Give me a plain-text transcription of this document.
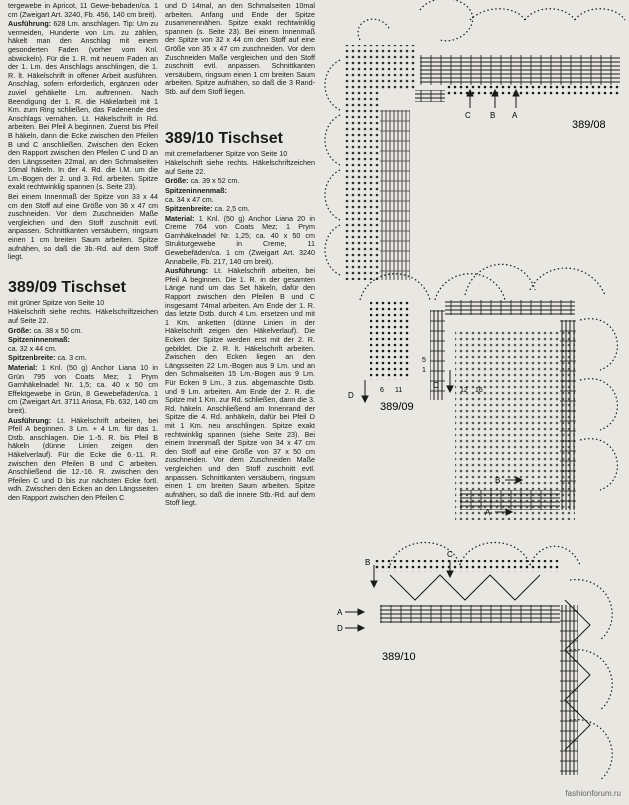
tergewebe in Apricot, 11 Gewe-bebaden/ca. 1 cm (Zweigart Art. 3240, Fb. 456, 140 cm breit).

Ausführung: 628 Lm. anschlagen. Tip: Um zu vermeiden, Hunderte von Lm. zu zählen, häkelt man den Anschlag mit einem gesonderten Faden (vorher vom Knl. abwickeln). Für die 1. R. mit neuem Faden an der 1. Lm. des Anschlags anschlingen, die 1. R. lt. Häkelschrift in offener Arbeit ausführen. Anschlag, sofern erforderlich, ergänzen oder zuviel gehäkelte Lm. auftrennen. Nach Beendigung der 1. R. die Häkelarbeit mit 1 Km. zum Ring schließen, das Fadenende des Anschlags vernähen. Lt. Häkelschrift in Rd. arbeiten. Bei Pfeil A beginnen. Zuerst bis Pfeil B häkeln, dann die Ecke zwischen den Pfeilen B und C anschließen. Zwischen den Ecken den Rapport zwischen den Pfeilen C und D an den Längsseiten 22mal, an den Schmalseiten 16mal häkeln. In der 4. Rd. die I.M. um die Lm.-Bogen der 2. und 3. Rd. arbeiten. Spitze exakt rechtwinklig spannen (s. Seite 23).

Bei einem Innenmaß der Spitze von 33 x 44 cm den Stoff auf eine Größe von 36 x 47 cm zuschneiden. Vor dem Zuschneiden Maße vergleichen und den Stoff zuschnitt evtl. anpassen. Schnittkanten versäubern, ringsum einen 1 cm breiten Saum arbeiten. Spitze aufnähen, so daß die 3b.-Rd. auf dem Stoff liegt.

389/09 Tischset

mit grüner Spitze von Seite 10

Häkelschrift siehe rechts. Häkelschriftzeichen auf Seite 22.

Größe: ca. 38 x 50 cm.

Spitzeninnenmaß:
ca. 32 x 44 cm.

Spitzenbreite: ca. 3 cm.

Material: 1 Knl. (50 g) Anchor Liana 10 in Grün 795 von Coats Mez; 1 Prym Garnhäkelnadel Nr. 1,5; ca. 40 x 50 cm Effektgewebe in Grün, 8 Gewebefäden/ca. 1 cm (Zweigart Art. 3711 Ariosa, Fb. 632, 140 cm breit).

Ausführung: Lt. Häkelschrift arbeiten, bei Pfeil A beginnen. 3 Lm. + 4 Lm. für das 1. Dstb. anschlagen. Die 1.-5. R. bis Pfeil B häkeln (dünne Linien zeigen den Häkelverlauf). Für die Ecke die 6.-11. R. zwischen den Pfeilen B und C arbeiten. Anschließend die 12.-16. R. zwischen den Pfeilen C und D bis zur nächsten Ecke fortl. wdh. Zwischen den Ecken an den Längsseiten den Rapport zwischen den Pfeilen C

und D 14mal, an den Schmalseiten 10mal arbeiten. Anfang und Ende der Spitze zusammennähen. Spitze exakt rechtwinklig spannen (s. Seite 23). Bei einem Innenmaß der Spitze von 32 x 44 cm den Stoff auf eine Größe von 35 x 47 cm zuschneiden. Vor dem Zuschneiden Maße vergleichen und den Stoff zuschnitt evtl. anpassen. Schnittkanten versäubern, ringsum einen 1 cm breiten Saum arbeiten. Spitze aufnähen, so daß die 3 Rand-Stb. auf dem Stoff liegen.

389/10 Tischset

mit cremefarbener Spitze von Seite 10

Häkelschrift siehe rechts. Häkelschriftzeichen auf Seite 22.

Größe: ca. 39 x 52 cm.

Spitzeninnenmaß:
ca. 34 x 47 cm.

Spitzenbreite: ca. 2,5 cm.

Material: 1 Knl. (50 g) Anchor Liana 20 in Creme 764 von Coats Mez; 1 Prym Garnhäkelnadel Nr. 1,25; ca. 40 x 50 cm Strukturgewebe in Creme, 11 Gewebefäden/ca. 1 cm (Zweigart Art. 3240 Annabelle, Fb. 217, 140 cm breit).

Ausführung: Lt. Häkelschrift arbeiten, bei Pfeil A beginnen. Die 1. R. in der gesamten Länge rund um das Set häkeln, dafür den Rapport zwischen den Pfeilen B und C insgesamt 74mal arbeiten. Am Ende der 1. R. das letzte Dstb. durch 4 Lm. ersetzen und mit 1 Km. anketten (dünne Linien in der Häkelschrift zeigen den Häkelverlauf). Die Ecken der Spitze werden erst mit der 2. R. gebildet. Die 2. R. lt. Häkelschrift arbeiten. Zwischen den Ecken liegen an den Längsseiten 22 Lm.-Bogen aus 9 Lm. und an den Schmalseiten 15 Lm.-Bogen aus 9 Lm. Für Ecken 9 Lm., 3 zus. abgemaschte Dstb. und 9 Lm. arbeiten. Am Ende der 2. R. die Spitze mit 1 Km. zur Rd. schließen, dann die 3. Rd. häkeln. Anschließend am Innenrand der Spitze die 4. Rd. anhäkeln, dafür bei Pfeil D mit 1 Km. neu anschlingen. Spitze exakt rechtwinklig spannen (siehe Seite 23). Bei einem Innenmaß der Spitze von 34 x 47 cm den Stoff auf eine Größe von 37 x 50 cm zuschneiden. Vor dem Zuschneiden Maße vergleichen und den Stoff zuschnitt evtl. anpassen. Schnittkanten versäubern, ringsum einen 1 cm breiten Saum arbeiten. Spitze aufnähen, so daß die innere Stb.-Rd. auf dem Stoff liegt.

C B A
389/08
D
C
B
A
1
5
6 11	12 16
389/09
B
C
A
D
389/10
fashionforum.ru
